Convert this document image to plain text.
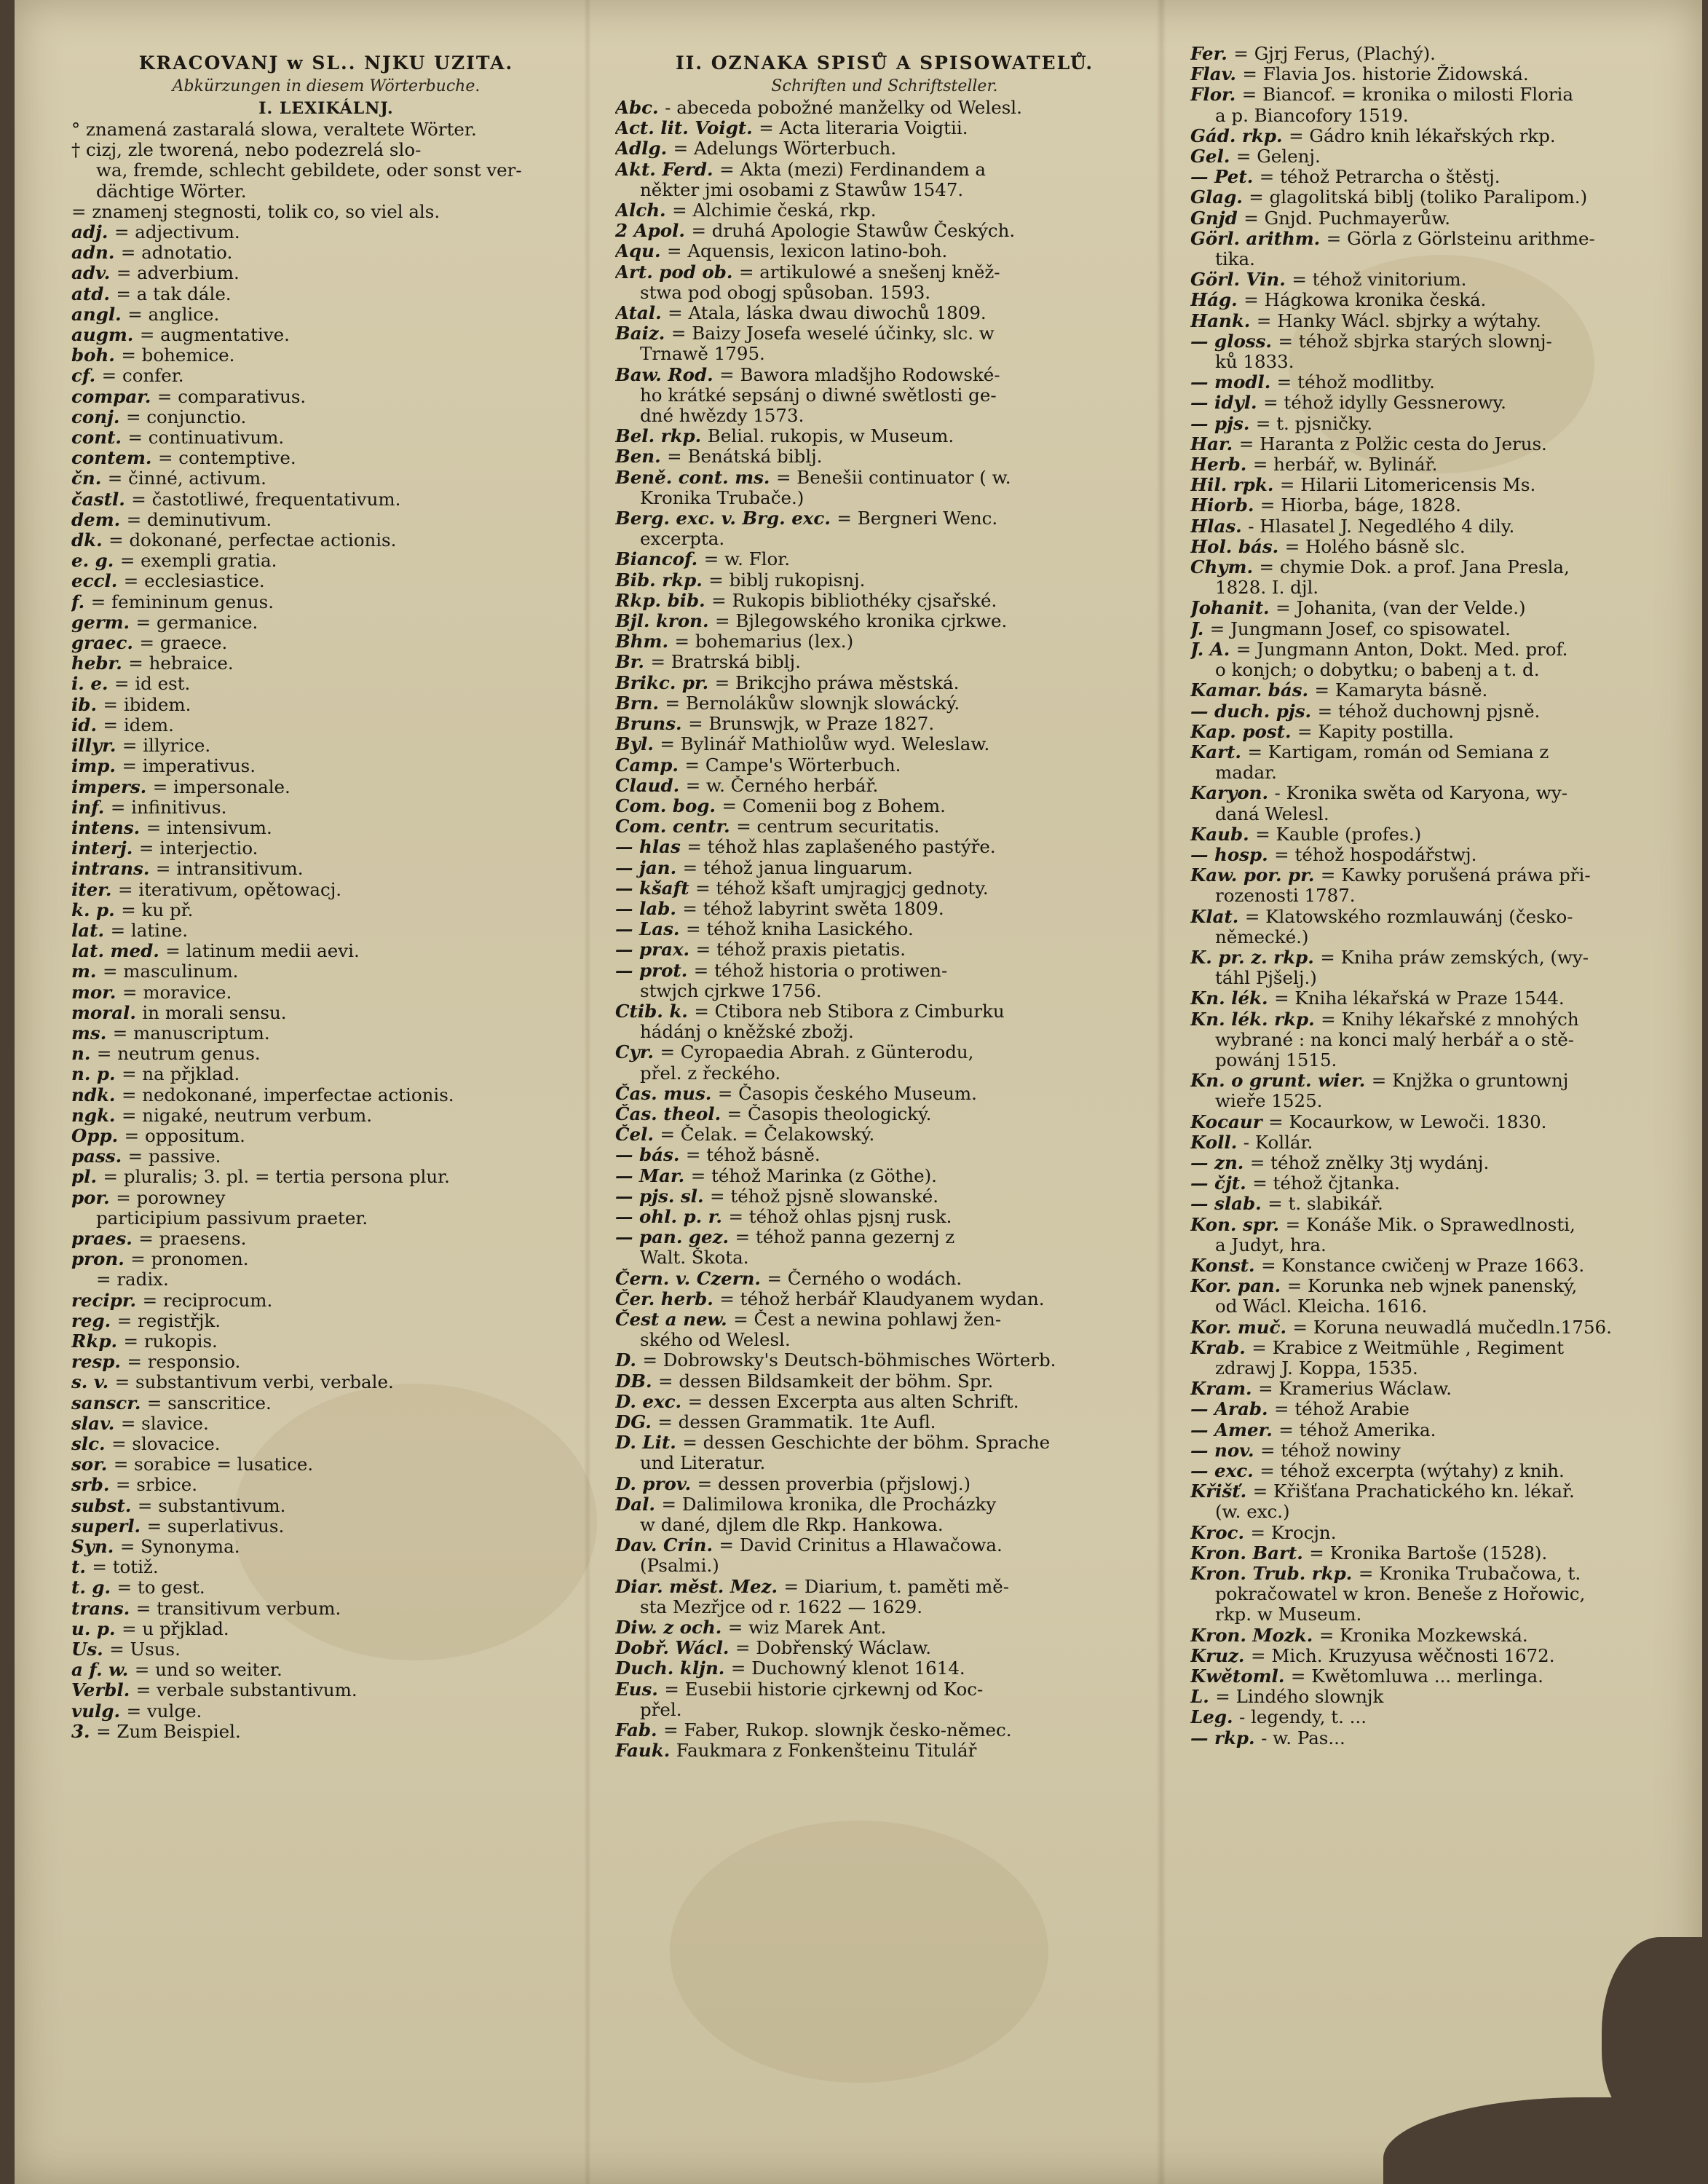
KRACOVANJ w SL.. NJKU UZITA.
Abkürzungen in diesem Wörterbuche.
I. LEXIKÁLNJ.
° znamená zastaralá slowa, veraltete Wörter.
† cizj, zle tworená, nebo podezrelá slo-
wa, fremde, schlecht gebildete, oder sonst ver-
dächtige Wörter.
= znamenj stegnosti, tolik co, so viel als.
adj. = adjectivum.
adn. = adnotatio.
adv. = adverbium.
atd. = a tak dále.
angl. = anglice.
augm. = augmentative.
boh. = bohemice.
cf. = confer.
compar. = comparativus.
conj. = conjunctio.
cont. = continuativum.
contem. = contemptive.
čn. = činné, activum.
častl. = častotliwé, frequentativum.
dem. = deminutivum.
dk. = dokonané, perfectae actionis.
e. g. = exempli gratia.
eccl. = ecclesiastice.
f. = femininum genus.
germ. = germanice.
graec. = graece.
hebr. = hebraice.
i. e. = id est.
ib. = ibidem.
id. = idem.
illyr. = illyrice.
imp. = imperativus.
impers. = impersonale.
inf. = infinitivus.
intens. = intensivum.
interj. = interjectio.
intrans. = intransitivum.
iter. = iterativum, opětowacj.
k. p. = ku př.
lat. = latine.
lat. med. = latinum medii aevi.
m. = masculinum.
mor. = moravice.
moral. in morali sensu.
ms. = manuscriptum.
n. = neutrum genus.
n. p. = na přjklad.
ndk. = nedokonané, imperfectae actionis.
ngk. = nigaké, neutrum verbum.
Opp. = oppositum.
pass. = passive.
pl. = pluralis; 3. pl. = tertia persona plur.
por. = porowney
participium passivum praeter.
praes. = praesens.
pron. = pronomen.
= radix.
recipr. = reciprocum.
reg. = registřjk.
Rkp. = rukopis.
resp. = responsio.
s. v. = substantivum verbi, verbale.
sanscr. = sanscritice.
slav. = slavice.
slc. = slovacice.
sor. = sorabice = lusatice.
srb. = srbice.
subst. = substantivum.
superl. = superlativus.
Syn. = Synonyma.
t. = totiž.
t. g. = to gest.
trans. = transitivum verbum.
u. p. = u přjklad.
Us. = Usus.
a f. w. = und so weiter.
Verbl. = verbale substantivum.
vulg. = vulge.
3. = Zum Beispiel.
II. OZNAKA SPISŮ A SPISOWATELŮ.
Schriften und Schriftsteller.
Abc. - abeceda pobožné manželky od Welesl.
Act. lit. Voigt. = Acta literaria Voigtii.
Adlg. = Adelungs Wörterbuch.
Akt. Ferd. = Akta (mezi) Ferdinandem a
někter jmi osobami z Stawůw 1547.
Alch. = Alchimie česká, rkp.
2 Apol. = druhá Apologie Stawůw Českých.
Aqu. = Aquensis, lexicon latino-boh.
Art. pod ob. = artikulowé a snešenj kněž-
stwa pod obogj spůsoban. 1593.
Atal. = Atala, láska dwau diwochů 1809.
Baiz. = Baizy Josefa weselé účinky, slc. w
Trnawě 1795.
Baw. Rod. = Bawora mladšjho Rodowské-
ho krátké sepsánj o diwné swětlosti ge-
dné hwězdy 1573.
Bel. rkp. Belial. rukopis, w Museum.
Ben. = Benátská biblj.
Beně. cont. ms. = Benešii continuator ( w.
Kronika Trubače.)
Berg. exc. v. Brg. exc. = Bergneri Wenc.
excerpta.
Biancof. = w. Flor.
Bib. rkp. = biblj rukopisnj.
Rkp. bib. = Rukopis bibliothéky cjsařské.
Bjl. kron. = Bjlegowského kronika cjrkwe.
Bhm. = bohemarius (lex.)
Br. = Bratrská biblj.
Brikc. pr. = Brikcjho práwa městská.
Brn. = Bernolákůw slownjk slowácký.
Bruns. = Brunswjk, w Praze 1827.
Byl. = Bylinář Mathiolůw wyd. Weleslaw.
Camp. = Campe's Wörterbuch.
Claud. = w. Černého herbář.
Com. bog. = Comenii bog z Bohem.
Com. centr. = centrum securitatis.
— hlas = téhož hlas zaplašeného pastýře.
— jan. = téhož janua linguarum.
— kšaft = téhož kšaft umjragjcj gednoty.
— lab. = téhož labyrint swěta 1809.
— Las. = téhož kniha Lasického.
— prax. = téhož praxis pietatis.
— prot. = téhož historia o protiwen-
stwjch cjrkwe 1756.
Ctib. k. = Ctibora neb Stibora z Cimburku
hádánj o kněžské zbožj.
Cyr. = Cyropaedia Abrah. z Günterodu,
přel. z řeckého.
Čas. mus. = Časopis českého Museum.
Čas. theol. = Časopis theologický.
Čel. = Čelak. = Čelakowský.
— bás. = téhož básně.
— Mar. = téhož Marinka (z Göthe).
— pjs. sl. = téhož pjsně slowanské.
— ohl. p. r. = téhož ohlas pjsnj rusk.
— pan. gez. = téhož panna gezernj z
Walt. Škota.
Čern. v. Czern. = Černého o wodách.
Čer. herb. = téhož herbář Klaudyanem wydan.
Čest a new. = Čest a newina pohlawj žen-
ského od Welesl.
D. = Dobrowsky's Deutsch-böhmisches Wörterb.
DB. = dessen Bildsamkeit der böhm. Spr.
D. exc. = dessen Excerpta aus alten Schrift.
DG. = dessen Grammatik. 1te Aufl.
D. Lit. = dessen Geschichte der böhm. Sprache
und Literatur.
D. prov. = dessen proverbia (přjslowj.)
Dal. = Dalimilowa kronika, dle Procházky
w dané, djlem dle Rkp. Hankowa.
Dav. Crin. = David Crinitus a Hlawačowa.
(Psalmi.)
Diar. měst. Mez. = Diarium, t. paměti mě-
sta Mezřjce od r. 1622 — 1629.
Diw. z och. = wiz Marek Ant.
Dobř. Wácl. = Dobřenský Wáclaw.
Duch. kljn. = Duchowný klenot 1614.
Eus. = Eusebii historie cjrkewnj od Koc-
přel.
Fab. = Faber, Rukop. slownjk česko-němec.
Fauk. Faukmara z Fonkenšteinu Titulář
Fer. = Gjrj Ferus, (Plachý).
Flav. = Flavia Jos. historie Židowská.
Flor. = Biancof. = kronika o milosti Floria
a p. Biancofory 1519.
Gád. rkp. = Gádro knih lékařských rkp.
Gel. = Gelenj.
— Pet. = téhož Petrarcha o štěstj.
Glag. = glagolitská biblj (toliko Paralipom.)
Gnjd = Gnjd. Puchmayerůw.
Görl. arithm. = Görla z Görlsteinu arithme-
tika.
Görl. Vin. = téhož vinitorium.
Hág. = Hágkowa kronika česká.
Hank. = Hanky Wácl. sbjrky a wýtahy.
— gloss. = téhož sbjrka starých slownj-
ků 1833.
— modl. = téhož modlitby.
— idyl. = téhož idylly Gessnerowy.
— pjs. = t. pjsničky.
Har. = Haranta z Polžic cesta do Jerus.
Herb. = herbář, w. Bylinář.
Hil. rpk. = Hilarii Litomericensis Ms.
Hiorb. = Hiorba, báge, 1828.
Hlas. - Hlasatel J. Negedlého 4 dily.
Hol. bás. = Holého básně slc.
Chym. = chymie Dok. a prof. Jana Presla,
1828. I. djl.
Johanit. = Johanita, (van der Velde.)
J. = Jungmann Josef, co spisowatel.
J. A. = Jungmann Anton, Dokt. Med. prof.
o konjch; o dobytku; o babenj a t. d.
Kamar. bás. = Kamaryta básně.
— duch. pjs. = téhož duchownj pjsně.
Kap. post. = Kapity postilla.
Kart. = Kartigam, román od Semiana z
madar.
Karyon. - Kronika swěta od Karyona, wy-
daná Welesl.
Kaub. = Kauble (profes.)
— hosp. = téhož hospodářstwj.
Kaw. por. pr. = Kawky porušená práwa při-
rozenosti 1787.
Klat. = Klatowského rozmlauwánj (česko-
německé.)
K. pr. z. rkp. = Kniha práw zemských, (wy-
táhl Pjšelj.)
Kn. lék. = Kniha lékařská w Praze 1544.
Kn. lék. rkp. = Knihy lékařské z mnohých
wybrané : na konci malý herbář a o stě-
powánj 1515.
Kn. o grunt. wier. = Knjžka o gruntownj
wieře 1525.
Kocaur = Kocaurkow, w Lewoči. 1830.
Koll. - Kollár.
— zn. = téhož znělky 3tj wydánj.
— čjt. = téhož čjtanka.
— slab. = t. slabikář.
Kon. spr. = Konáše Mik. o Sprawedlnosti,
a Judyt, hra.
Konst. = Konstance cwičenj w Praze 1663.
Kor. pan. = Korunka neb wjnek panenský,
od Wácl. Kleicha. 1616.
Kor. muč. = Koruna neuwadlá mučedln.1756.
Krab. = Krabice z Weitmühle , Regiment
zdrawj J. Koppa, 1535.
Kram. = Kramerius Wáclaw.
— Arab. = téhož Arabie
— Amer. = téhož Amerika.
— nov. = téhož nowiny
— exc. = téhož excerpta (wýtahy) z knih.
Křišť. = Křišťana Prachatického kn. lékař.
(w. exc.)
Kroc. = Krocjn.
Kron. Bart. = Kronika Bartoše (1528).
Kron. Trub. rkp. = Kronika Trubačowa, t.
pokračowatel w kron. Beneše z Hořowic,
rkp. w Museum.
Kron. Mozk. = Kronika Mozkewská.
Kruz. = Mich. Kruzyusa wěčnosti 1672.
Kwětoml. = Kwětomluwa ... merlinga.
L. = Lindého slownjk
Leg. - legendy, t. ...
— rkp. - w. Pas...
